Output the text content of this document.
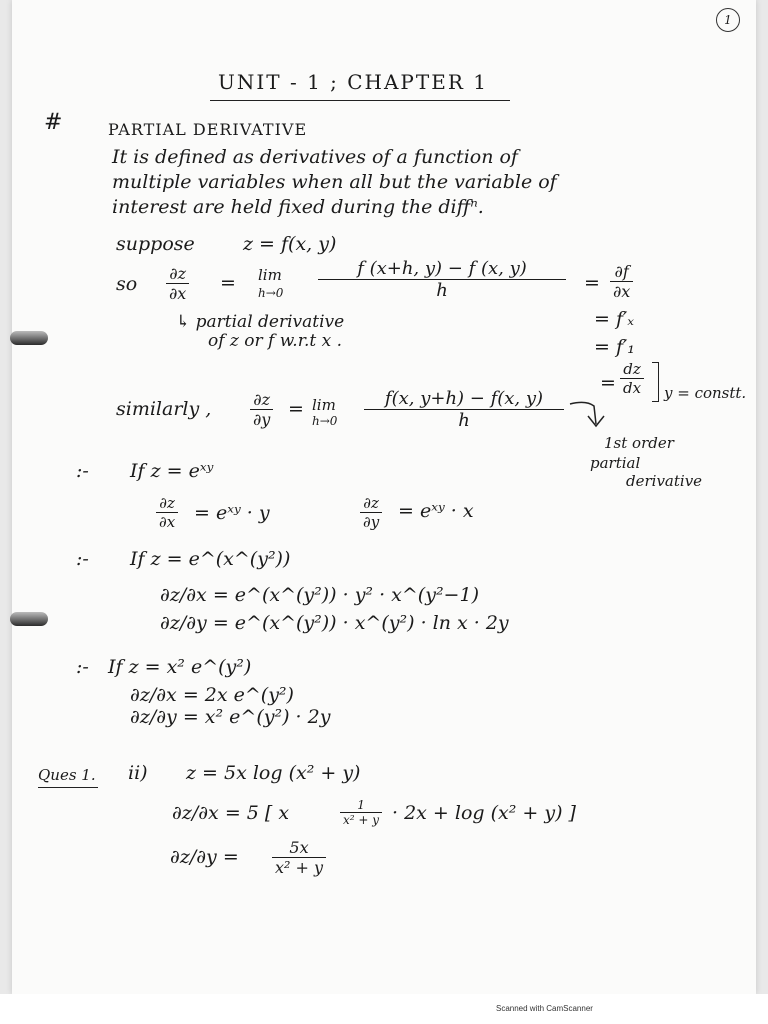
1
UNIT - 1 ; CHAPTER 1
#	PARTIAL DERIVATIVE
It is defined as derivatives of a function of
multiple variables when all but the variable of
interest are held fixed during the diffⁿ.
suppose	z = f(x, y)
so $\frac{\partial z}{\partial x} = \lim$
$h\to 0 \frac{f (x+h, y) - f (x, y)}{h} = \frac{\partial f}{\partial x}$
↳ partial derivative
of z or f w.r.t x .
= f′ₓ
= f′₁
= $\frac{dz}{dx}$ y = constt.
similarly , $\frac{\partial z}{\partial y} = \lim$
$h\to 0 \frac{f(x, y+h) - f(x, y)}{h}$
1st order
partial
derivative
:- If z = eˣʸ
$\frac{\partial z}{\partial x}$ = eˣʸ · y	$\frac{\partial z}{\partial y}$ = eˣʸ · x
:- If z = e^(x^(y²))
∂z/∂x = e^(x^(y²)) · y² · x^(y²−1)
∂z/∂y = e^(x^(y²)) · x^(y²) · ln x · 2y
:- If z = x² e^(y²)
∂z/∂x = 2x e^(y²)
∂z/∂y = x² e^(y²) · 2y
Ques 1. ii) z = 5x log (x² + y)
∂z/∂x = 5 [ x	$\frac{1}{\text{x² + y}} \cdot 2x + \log (x^2 + y)$ ]
$\partial z/\partial y = \frac{5x}{\text{x² + y}}$
Scanned with CamScanner
